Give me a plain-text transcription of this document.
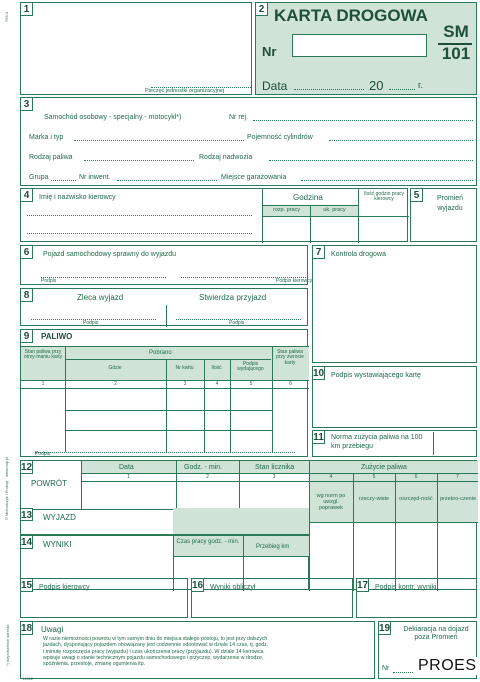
795-3
© Michalczyk i Prokop · www.mip.pl
14082
1
Pieczęć jednostki organizacyjnej
2 KARTA DROGOWA
Nr
Data	20	r.
SM
101
3
Samochód osobowy - specjalny - motocykl*)	Nr rej.
Marka i typ	Pojemność cylindrów
Rodzaj paliwa	Rodzaj nadwozia
Grupa	Nr inwent.	Miejsce garażowania
4	Imię i nazwisko kierowcy	Godzina
rozp. pracy	uk. pracy
Ilość godzin pracy kierowcy	5	Promień wyjazdu
6	Pojazd samochodowy sprawny do wyjazdu
Podpis	Podpis kierowcy
7	Kontrola drogowa
8	Zleca wyjazd	Stwierdza przyjazd
Podpis	Podpis
9	PALIWO
Stan paliwa przy otrzy-maniu karty
Pobrano
Gdzie	Nr kwitu	Ilość
Podpis wydającego
Stan paliwa przy zwrocie karty
1	2	3	4	5	6
Podpis
10 Podpis wystawiającego kartę
11 Norma zużycia paliwa na 100 km przebiegu
12
POWRÓT
Data	Godz. - min.	Stan licznika	Zużycie paliwa
1	2	3	4	5	6	7
wg norm po uwzgl. poprawek
rzeczy-wiste	oszczęd-ność	przekro-czenie
13 WYJAZD
14 WYNIKI	Czas pracy godz. - min.
Przebieg km
15 Podpis kierowcy	16 Wyniki obliczył	17 Podpis kontr. wyniki
18 Uwagi
W razie niemożności powrotu w tym samym dniu do miejsca stałego postoju, to jest przy dalszych
jazdach, dysponujący pojazdem obowiązany jest codziennie odnotować w dziale 14 czas, tj. godz.
i minutę rozpoczęcia pracy (wyjazdu) i czas ukończenia pracy (przyjazdu). W dziale 14 kierowca
wpisuje uwagi o stanie technicznym pojazdu samochodowego i przyczep, wydarzenie w drodze,
spóźnienia, przestoje, zmianę ogumienia itp.
*) niepotrzebne skreślić	19	Dekiaracja na dojazd poza Promień
Nr PROES
